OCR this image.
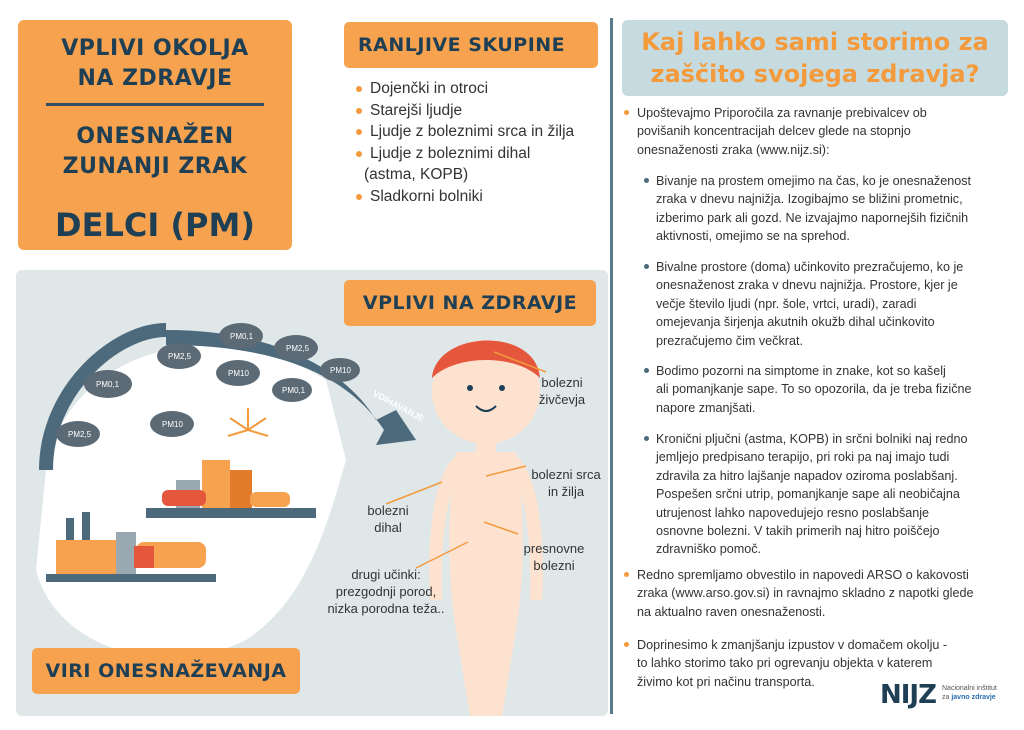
VPLIVI OKOLJA
NA ZDRAVJE
ONESNAŽEN
ZUNANJI ZRAK
DELCI (PM)
RANLJIVE SKUPINE
Dojenčki in otroci
Starejši ljudje
Ljudje z boleznimi srca in žilja
Ljudje z boleznimi dihal
(astma, KOPB)
Sladkorni bolniki
PM0,1
PM2,5
PM0,1
PM2,5
PM10
PM0,1
PM10
PM10
PM2,5
VDIHAVANJE
bolezni
živčevja
bolezni srca
in žilja
bolezni
dihal
presnovne
bolezni
drugi učinki:
prezgodnji porod,
nizka porodna teža..
VPLIVI NA ZDRAVJE
VIRI ONESNAŽEVANJA
Kaj lahko sami storimo za
zaščito svojega zdravja?
Upoštevajmo Priporočila za ravnanje prebivalcev ob
povišanih koncentracijah delcev glede na stopnjo
onesnaženosti zraka (www.nijz.si):
Bivanje na prostem omejimo na čas, ko je onesnaženost
zraka v dnevu najnižja. Izogibajmo se bližini prometnic,
izberimo park ali gozd. Ne izvajajmo napornejših fizičnih
aktivnosti, omejimo se na sprehod.
Bivalne prostore (doma) učinkovito prezračujemo, ko je
onesnaženost zraka v dnevu najnižja. Prostore, kjer je
večje število ljudi (npr. šole, vrtci, uradi), zaradi
omejevanja širjenja akutnih okužb dihal učinkovito
prezračujemo čim večkrat.
Bodimo pozorni na simptome in znake, kot so kašelj
ali pomanjkanje sape. To so opozorila, da je treba fizične
napore zmanjšati.
Kronični pljučni (astma, KOPB) in srčni bolniki naj redno
jemljejo predpisano terapijo, pri roki pa naj imajo tudi
zdravila za hitro lajšanje napadov oziroma poslabšanj.
Pospešen srčni utrip, pomanjkanje sape ali neobičajna
utrujenost lahko napovedujejo resno poslabšanje
osnovne bolezni. V takih primerih naj hitro poiščejo
zdravniško pomoč.
Redno spremljamo obvestilo in napovedi ARSO o kakovosti
zraka (www.arso.gov.si) in ravnajmo skladno z napotki glede
na aktualno raven onesnaženosti.
Doprinesimo k zmanjšanju izpustov v domačem okolju -
to lahko storimo tako pri ogrevanju objekta v katerem
živimo kot pri načinu transporta.	NIJZ Nacionalni inštitut
za javno zdravje
